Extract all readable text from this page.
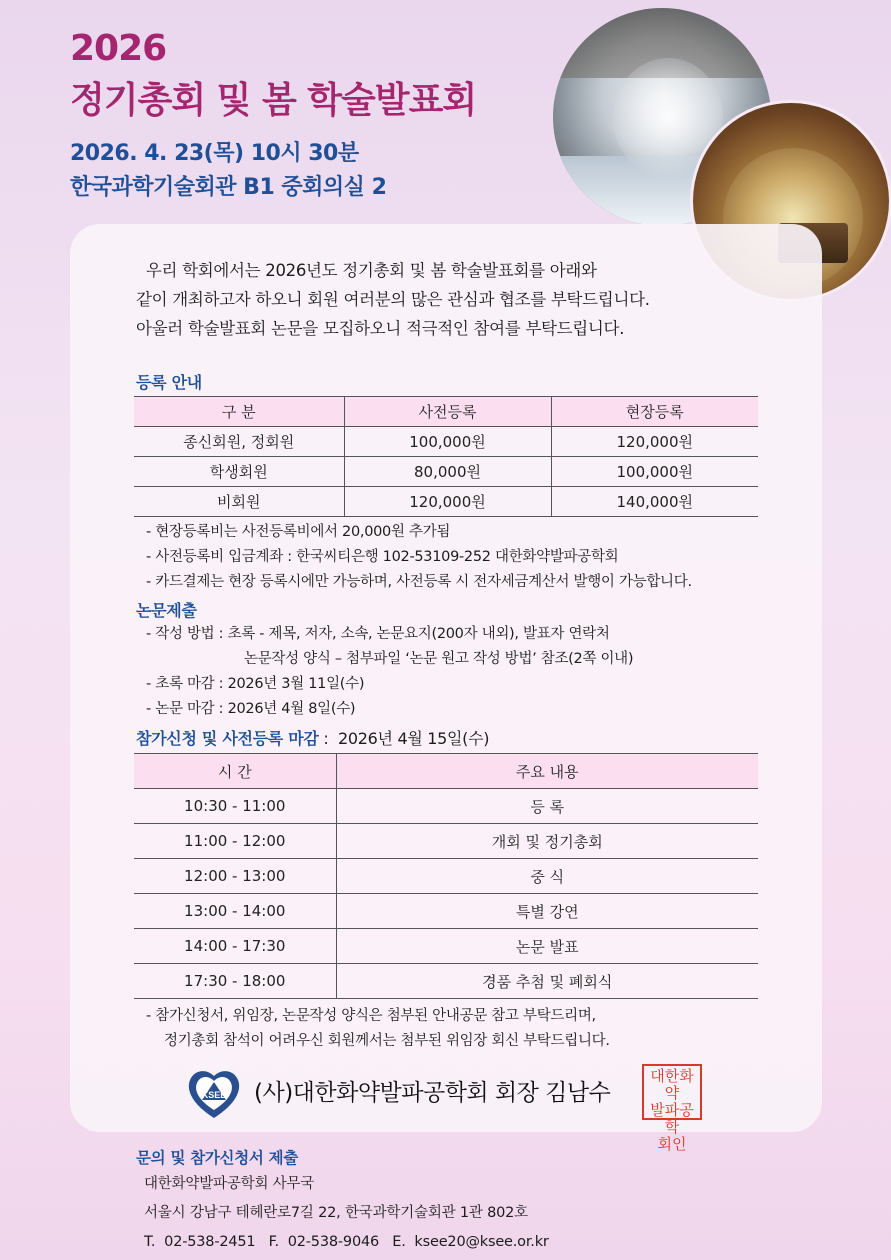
2026
정기총회 및 봄 학술발표회
2026. 4. 23(목) 10시 30분
한국과학기술회관 B1 중회의실 2

우리 학회에서는 2026년도 정기총회 및 봄 학술발표회를 아래와

같이 개최하고자 하오니 회원 여러분의 많은 관심과 협조를 부탁드립니다.

아울러 학술발표회 논문을 모집하오니 적극적인 참여를 부탁드립니다.

등록 안내
구 분	사전등록	현장등록
종신회원, 정회원	100,000원	120,000원
학생회원	80,000원	100,000원
비회원	120,000원	140,000원
- 현장등록비는 사전등록비에서 20,000원 추가됨
- 사전등록비 입금계좌 : 한국씨티은행 102-53109-252 대한화약발파공학회
- 카드결제는 현장 등록시에만 가능하며, 사전등록 시 전자세금계산서 발행이 가능합니다.
논문제출
- 작성 방법 : 초록 - 제목, 저자, 소속, 논문요지(200자 내외), 발표자 연락처
논문작성 양식 – 첨부파일 ‘논문 원고 작성 방법’ 참조(2쪽 이내)
- 초록 마감 : 2026년 3월 11일(수)
- 논문 마감 : 2026년 4월 8일(수)
참가신청 및 사전등록 마감 :  2026년 4월 15일(수)
시 간	주요 내용
10:30 - 11:00	등 록
11:00 - 12:00	개회 및 정기총회
12:00 - 13:00	중 식
13:00 - 14:00	특별 강연
14:00 - 17:30	논문 발표
17:30 - 18:00	경품 추첨 및 폐회식
- 참가신청서, 위임장, 논문작성 양식은 첨부된 안내공문 참고 부탁드리며,
정기총회 참석이 어려우신 회원께서는 첨부된 위임장 회신 부탁드립니다.
KSEE (사)대한화약발파공학회 회장 김남수
대한화약
발파공학
회인
문의 및 참가신청서 제출
대한화약발파공학회 사무국
서울시 강남구 테헤란로7길 22, 한국과학기술회관 1관 802호
T.  02-538-2451   F.  02-538-9046   E.  ksee20@ksee.or.kr
